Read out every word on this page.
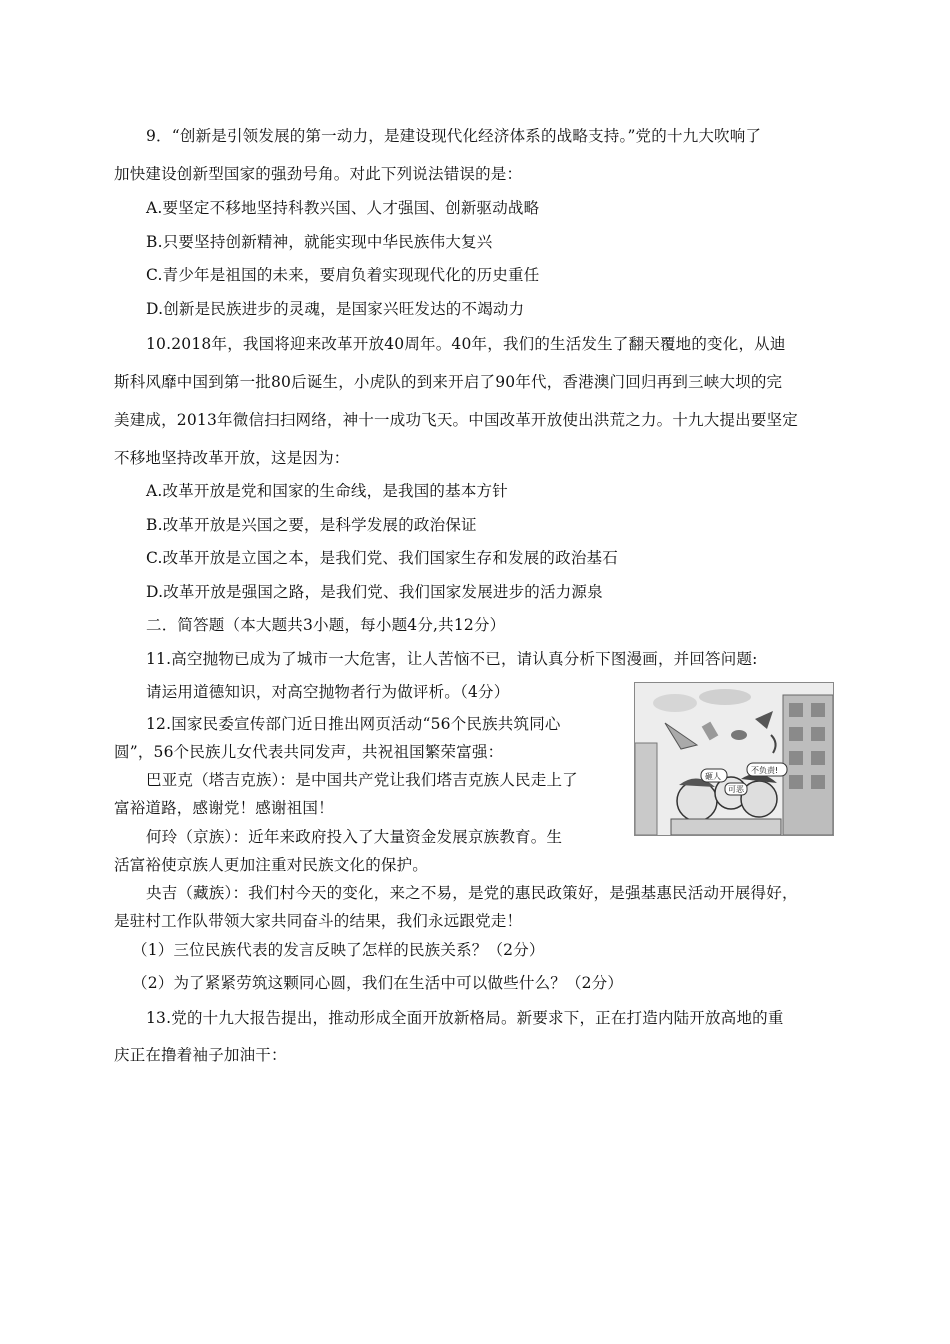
9．“创新是引领发展的第一动力，是建设现代化经济体系的战略支持。”党的十九大吹响了
加快建设创新型国家的强劲号角。对此下列说法错误的是：
A.要坚定不移地坚持科教兴国、人才强国、创新驱动战略
B.只要坚持创新精神，就能实现中华民族伟大复兴
C.青少年是祖国的未来，要肩负着实现现代化的历史重任
D.创新是民族进步的灵魂，是国家兴旺发达的不竭动力
10.2018年，我国将迎来改革开放40周年。40年，我们的生活发生了翻天覆地的变化，从迪
斯科风靡中国到第一批80后诞生，小虎队的到来开启了90年代，香港澳门回归再到三峡大坝的完
美建成，2013年微信扫扫网络，神十一成功飞天。中国改革开放使出洪荒之力。十九大提出要坚定
不移地坚持改革开放，这是因为：
A.改革开放是党和国家的生命线，是我国的基本方针
B.改革开放是兴国之要，是科学发展的政治保证
C.改革开放是立国之本，是我们党、我们国家生存和发展的政治基石
D.改革开放是强国之路，是我们党、我们国家发展进步的活力源泉
二．简答题（本大题共3小题，每小题4分,共12分）
11.高空抛物已成为了城市一大危害，让人苦恼不已，请认真分析下图漫画，并回答问题:
请运用道德知识，对高空抛物者行为做评析。（4分）
砸人
不负责!
可恶
12.国家民委宣传部门近日推出网页活动“56个民族共筑同心
圆”，56个民族儿女代表共同发声，共祝祖国繁荣富强：
巴亚克（塔吉克族）：是中国共产党让我们塔吉克族人民走上了
富裕道路，感谢党！感谢祖国！
何玲（京族）：近年来政府投入了大量资金发展京族教育。生
活富裕使京族人更加注重对民族文化的保护。
央吉（藏族）：我们村今天的变化，来之不易，是党的惠民政策好，是强基惠民活动开展得好，
是驻村工作队带领大家共同奋斗的结果，我们永远跟党走！
（1）三位民族代表的发言反映了怎样的民族关系？（2分）
（2）为了紧紧劳筑这颗同心圆，我们在生活中可以做些什么？（2分）
13.党的十九大报告提出，推动形成全面开放新格局。新要求下，正在打造内陆开放高地的重
庆正在撸着袖子加油干：
